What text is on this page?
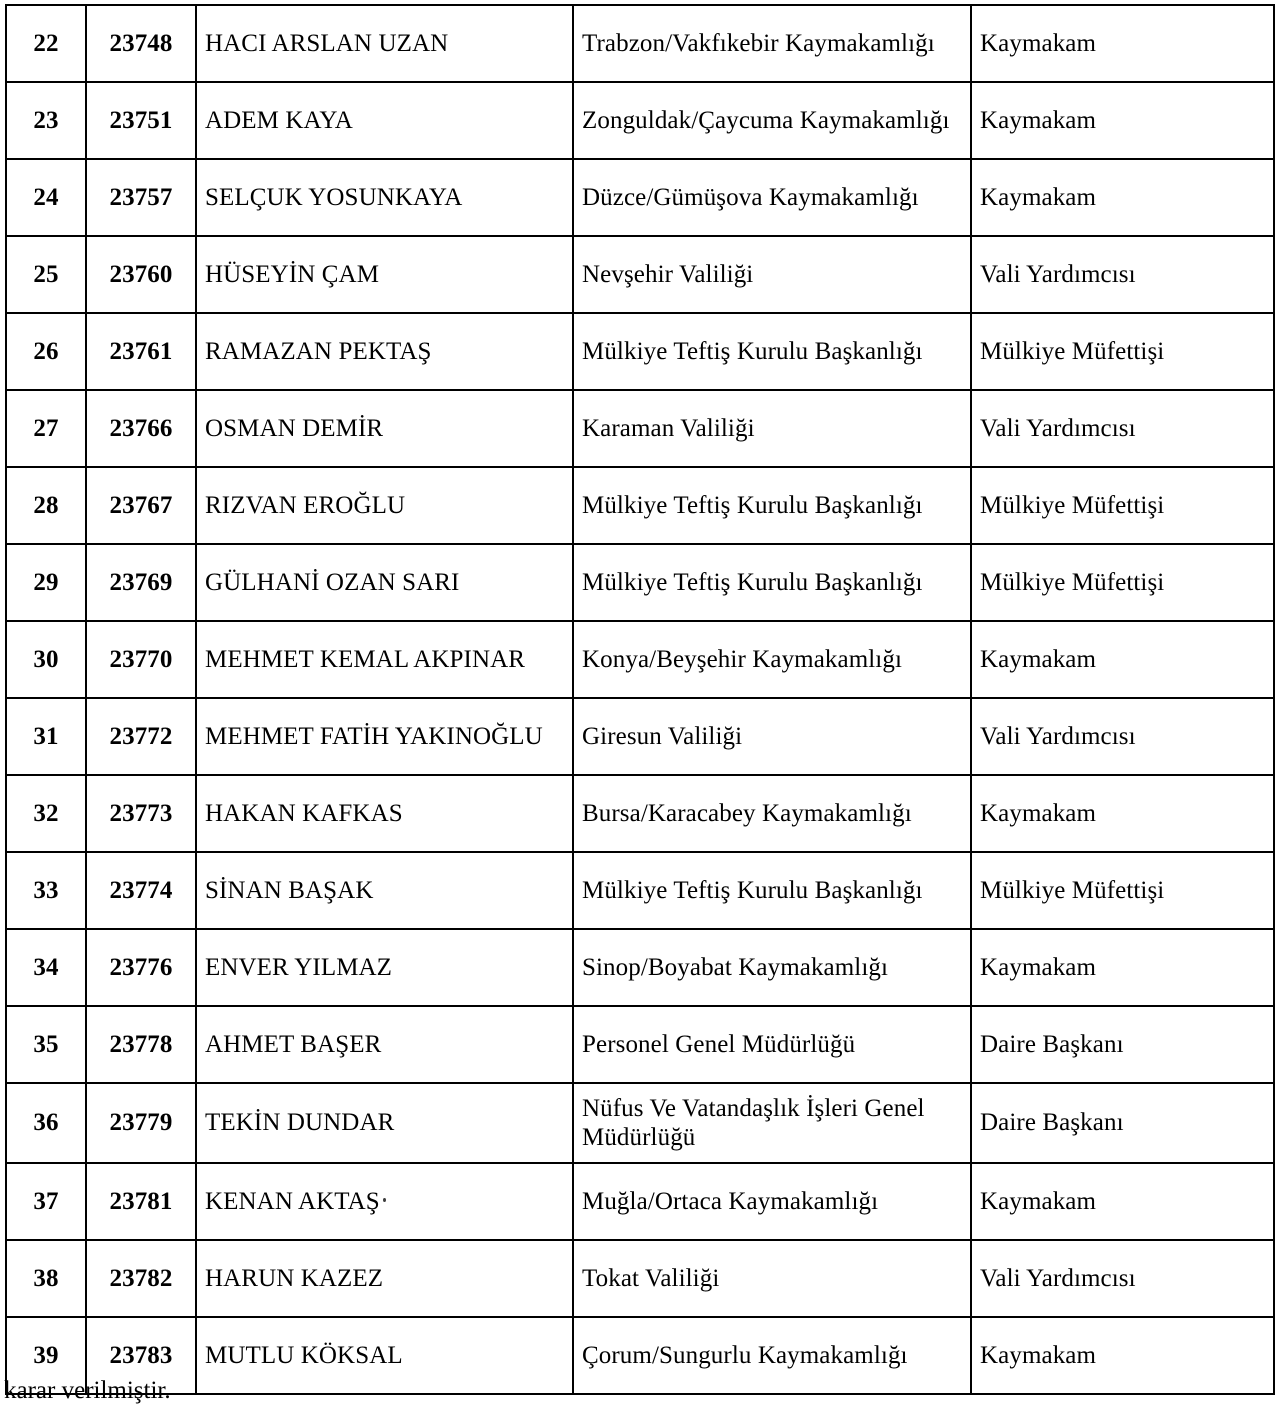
22	23748	HACI ARSLAN UZAN	Trabzon/Vakfıkebir Kaymakamlığı	Kaymakam
23	23751	ADEM KAYA	Zonguldak/Çaycuma Kaymakamlığı	Kaymakam
24	23757	SELÇUK YOSUNKAYA	Düzce/Gümüşova Kaymakamlığı	Kaymakam
25	23760	HÜSEYİN ÇAM	Nevşehir Valiliği	Vali Yardımcısı
26	23761	RAMAZAN PEKTAŞ	Mülkiye Teftiş Kurulu Başkanlığı	Mülkiye Müfettişi
27	23766	OSMAN DEMİR	Karaman Valiliği	Vali Yardımcısı
28	23767	RIZVAN EROĞLU	Mülkiye Teftiş Kurulu Başkanlığı	Mülkiye Müfettişi
29	23769	GÜLHANİ OZAN SARI	Mülkiye Teftiş Kurulu Başkanlığı	Mülkiye Müfettişi
30	23770	MEHMET KEMAL AKPINAR	Konya/Beyşehir Kaymakamlığı	Kaymakam
31	23772	MEHMET FATİH YAKINOĞLU	Giresun Valiliği	Vali Yardımcısı
32	23773	HAKAN KAFKAS	Bursa/Karacabey Kaymakamlığı	Kaymakam
33	23774	SİNAN BAŞAK	Mülkiye Teftiş Kurulu Başkanlığı	Mülkiye Müfettişi
34	23776	ENVER YILMAZ	Sinop/Boyabat Kaymakamlığı	Kaymakam
35	23778	AHMET BAŞER	Personel Genel Müdürlüğü	Daire Başkanı
36	23779	TEKİN DUNDAR	Nüfus Ve Vatandaşlık İşleri Genel Müdürlüğü	Daire Başkanı
37	23781	KENAN AKTAŞ	Muğla/Ortaca Kaymakamlığı	Kaymakam
38	23782	HARUN KAZEZ	Tokat Valiliği	Vali Yardımcısı
39	23783	MUTLU KÖKSAL	Çorum/Sungurlu Kaymakamlığı	Kaymakam
karar verilmiştir.
